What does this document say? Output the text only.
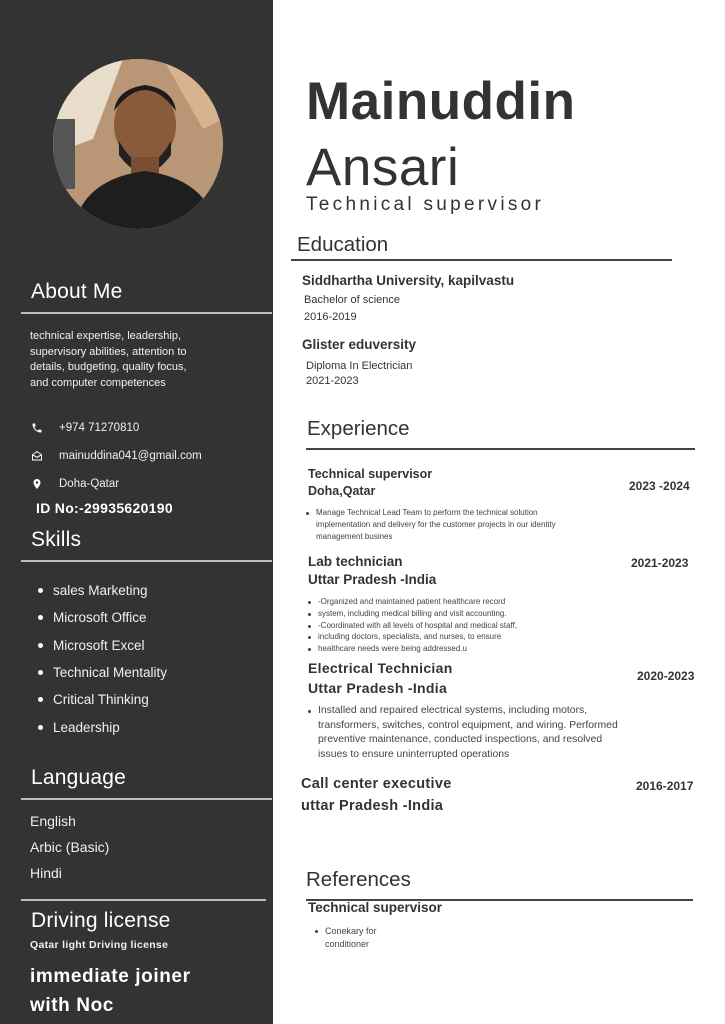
About Me
technical expertise, leadership,
supervisory abilities, attention to
details, budgeting, quality focus,
and computer competences
+974 71270810
mainuddina041@gmail.com
Doha-Qatar
ID No:-29935620190
Skills
sales Marketing
Microsoft Office
Microsoft Excel
Technical Mentality
Critical Thinking
Leadership
Language
English
Arbic (Basic)
Hindi
Driving license
Qatar light Driving license
immediate joiner
with Noc
Mainuddin
Ansari
Technical supervisor
Education
Siddhartha University, kapilvastu
Bachelor of science
2016-2019
Glister eduversity
Diploma In Electrician
2021-2023
Experience
Technical supervisor
Doha,Qatar	2023 -2024
Manage Technical Lead Team to perform the technical solution
implementation and delivery for the customer projects in our identity
management busines
Lab technician
Uttar Pradesh -India
2021-2023
-Organized and maintained patient healthcare record
system, including medical billing and visit accounting.
-Coordinated with all levels of hospital and medical staff,
including doctors, specialists, and nurses, to ensure
healthcare needs were being addressed.u
Electrical Technician
Uttar Pradesh -India
2020-2023
Installed and repaired electrical systems, including motors,
transformers, switches, control equipment, and wiring. Performed
preventive maintenance, conducted inspections, and resolved
issues to ensure uninterrupted operations
Call center executive
uttar Pradesh -India
2016-2017
References
Technical supervisor
Conekary for
conditioner
